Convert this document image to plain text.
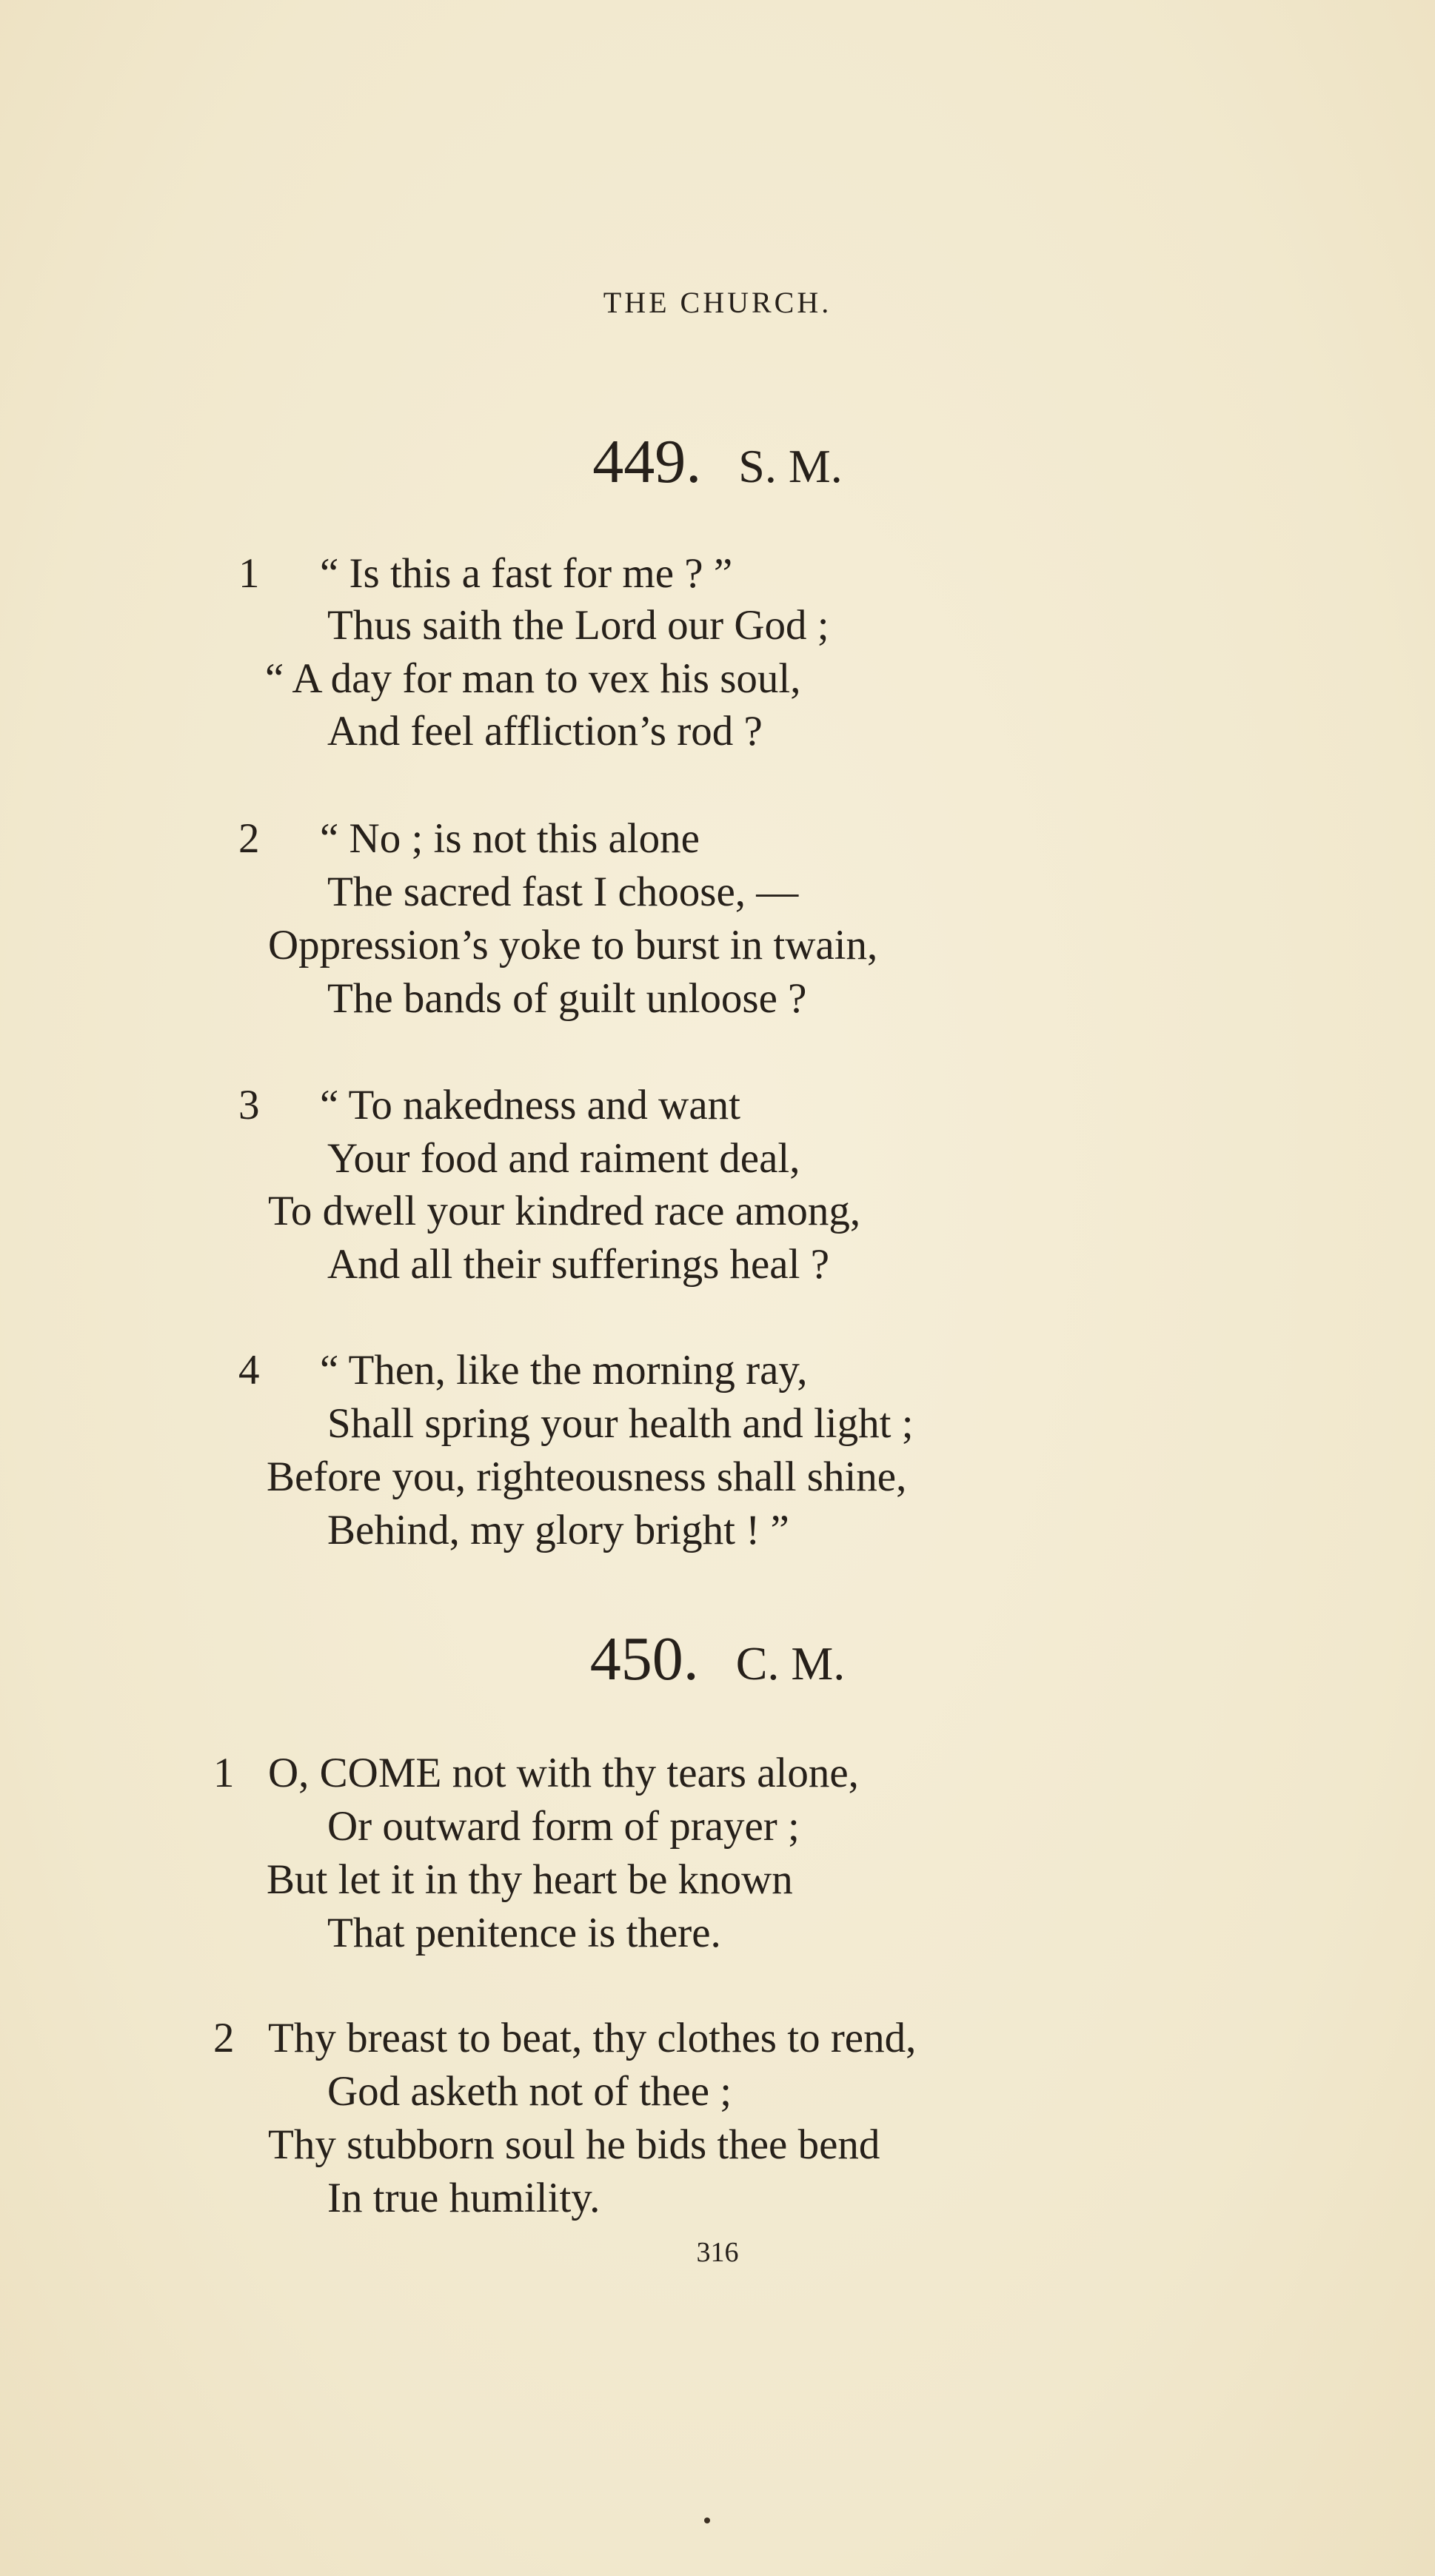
THE CHURCH.
449. S. M.
1 “ Is this a fast for me ? ”
Thus saith the Lord our God ;
“ A day for man to vex his soul,
And feel affliction’s rod ?
2 “ No ; is not this alone
The sacred fast I choose, —
Oppression’s yoke to burst in twain,
The bands of guilt unloose ?
3 “ To nakedness and want
Your food and raiment deal,
To dwell your kindred race among,
And all their sufferings heal ?
4 “ Then, like the morning ray,
Shall spring your health and light ;
Before you, righteousness shall shine,
Behind, my glory bright ! ”
450. C. M.
1 O, COME not with thy tears alone,
Or outward form of prayer ;
But let it in thy heart be known
That penitence is there.
2 Thy breast to beat, thy clothes to rend,
God asketh not of thee ;
Thy stubborn soul he bids thee bend
In true humility.
316
